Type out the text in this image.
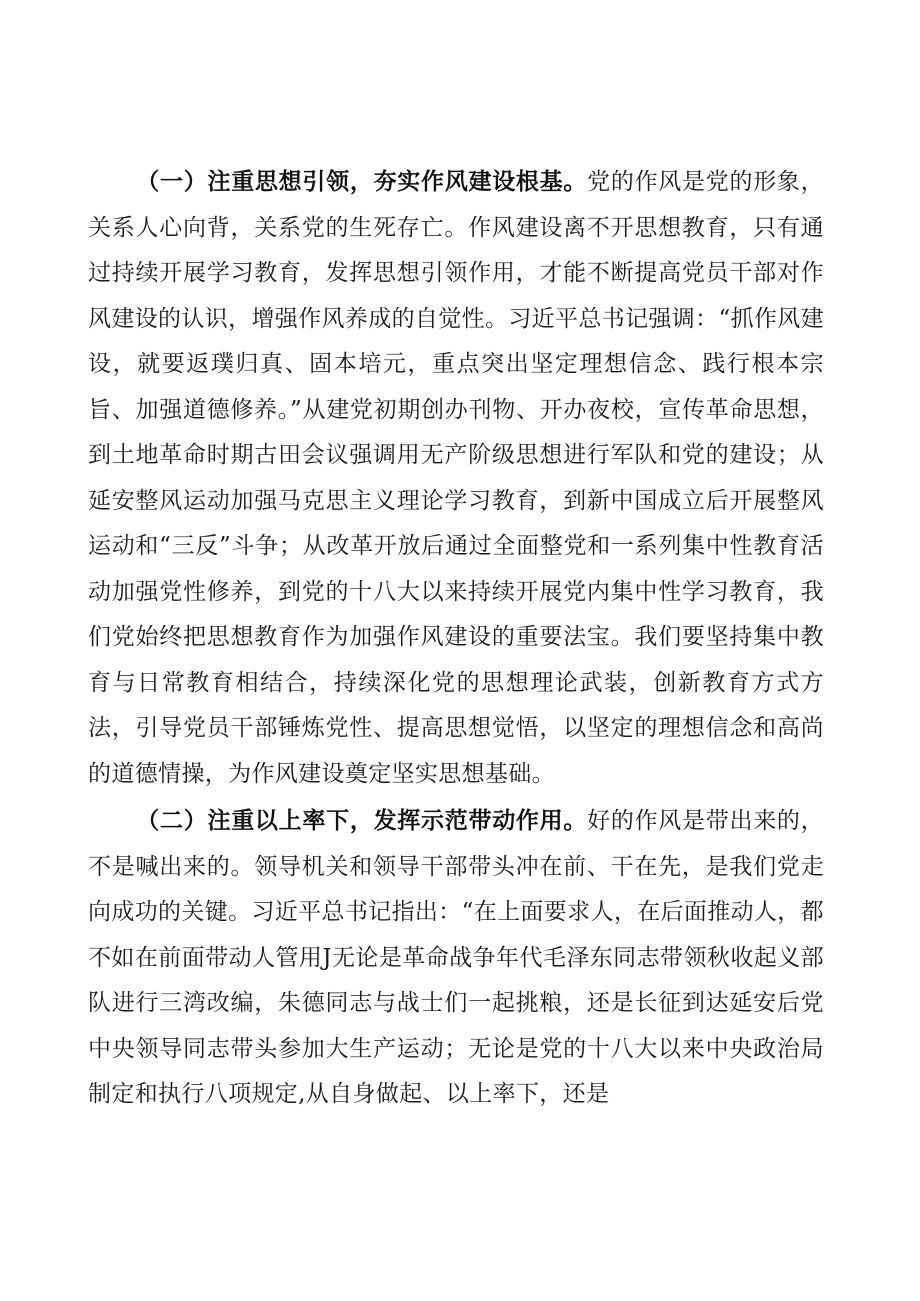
（一）注重思想引领，夯实作风建设根基。党的作风是党的形象，关系人心向背，关系党的生死存亡。作风建设离不开思想教育，只有通过持续开展学习教育，发挥思想引领作用，才能不断提高党员干部对作风建设的认识，增强作风养成的自觉性。习近平总书记强调：“抓作风建设，就要返璞归真、固本培元，重点突出坚定理想信念、践行根本宗旨、加强道德修养。”从建党初期创办刊物、开办夜校，宣传革命思想，到土地革命时期古田会议强调用无产阶级思想进行军队和党的建设；从延安整风运动加强马克思主义理论学习教育，到新中国成立后开展整风运动和“三反”斗争；从改革开放后通过全面整党和一系列集中性教育活动加强党性修养，到党的十八大以来持续开展党内集中性学习教育，我们党始终把思想教育作为加强作风建设的重要法宝。我们要坚持集中教育与日常教育相结合，持续深化党的思想理论武装，创新教育方式方法，引导党员干部锤炼党性、提高思想觉悟，以坚定的理想信念和高尚的道德情操，为作风建设奠定坚实思想基础。

（二）注重以上率下，发挥示范带动作用。好的作风是带出来的，不是喊出来的。领导机关和领导干部带头冲在前、干在先，是我们党走向成功的关键。习近平总书记指出：“在上面要求人，在后面推动人，都不如在前面带动人管用J无论是革命战争年代毛泽东同志带领秋收起义部队进行三湾改编，朱德同志与战士们一起挑粮，还是长征到达延安后党中央领导同志带头参加大生产运动；无论是党的十八大以来中央政治局制定和执行八项规定,从自身做起、以上率下，还是
